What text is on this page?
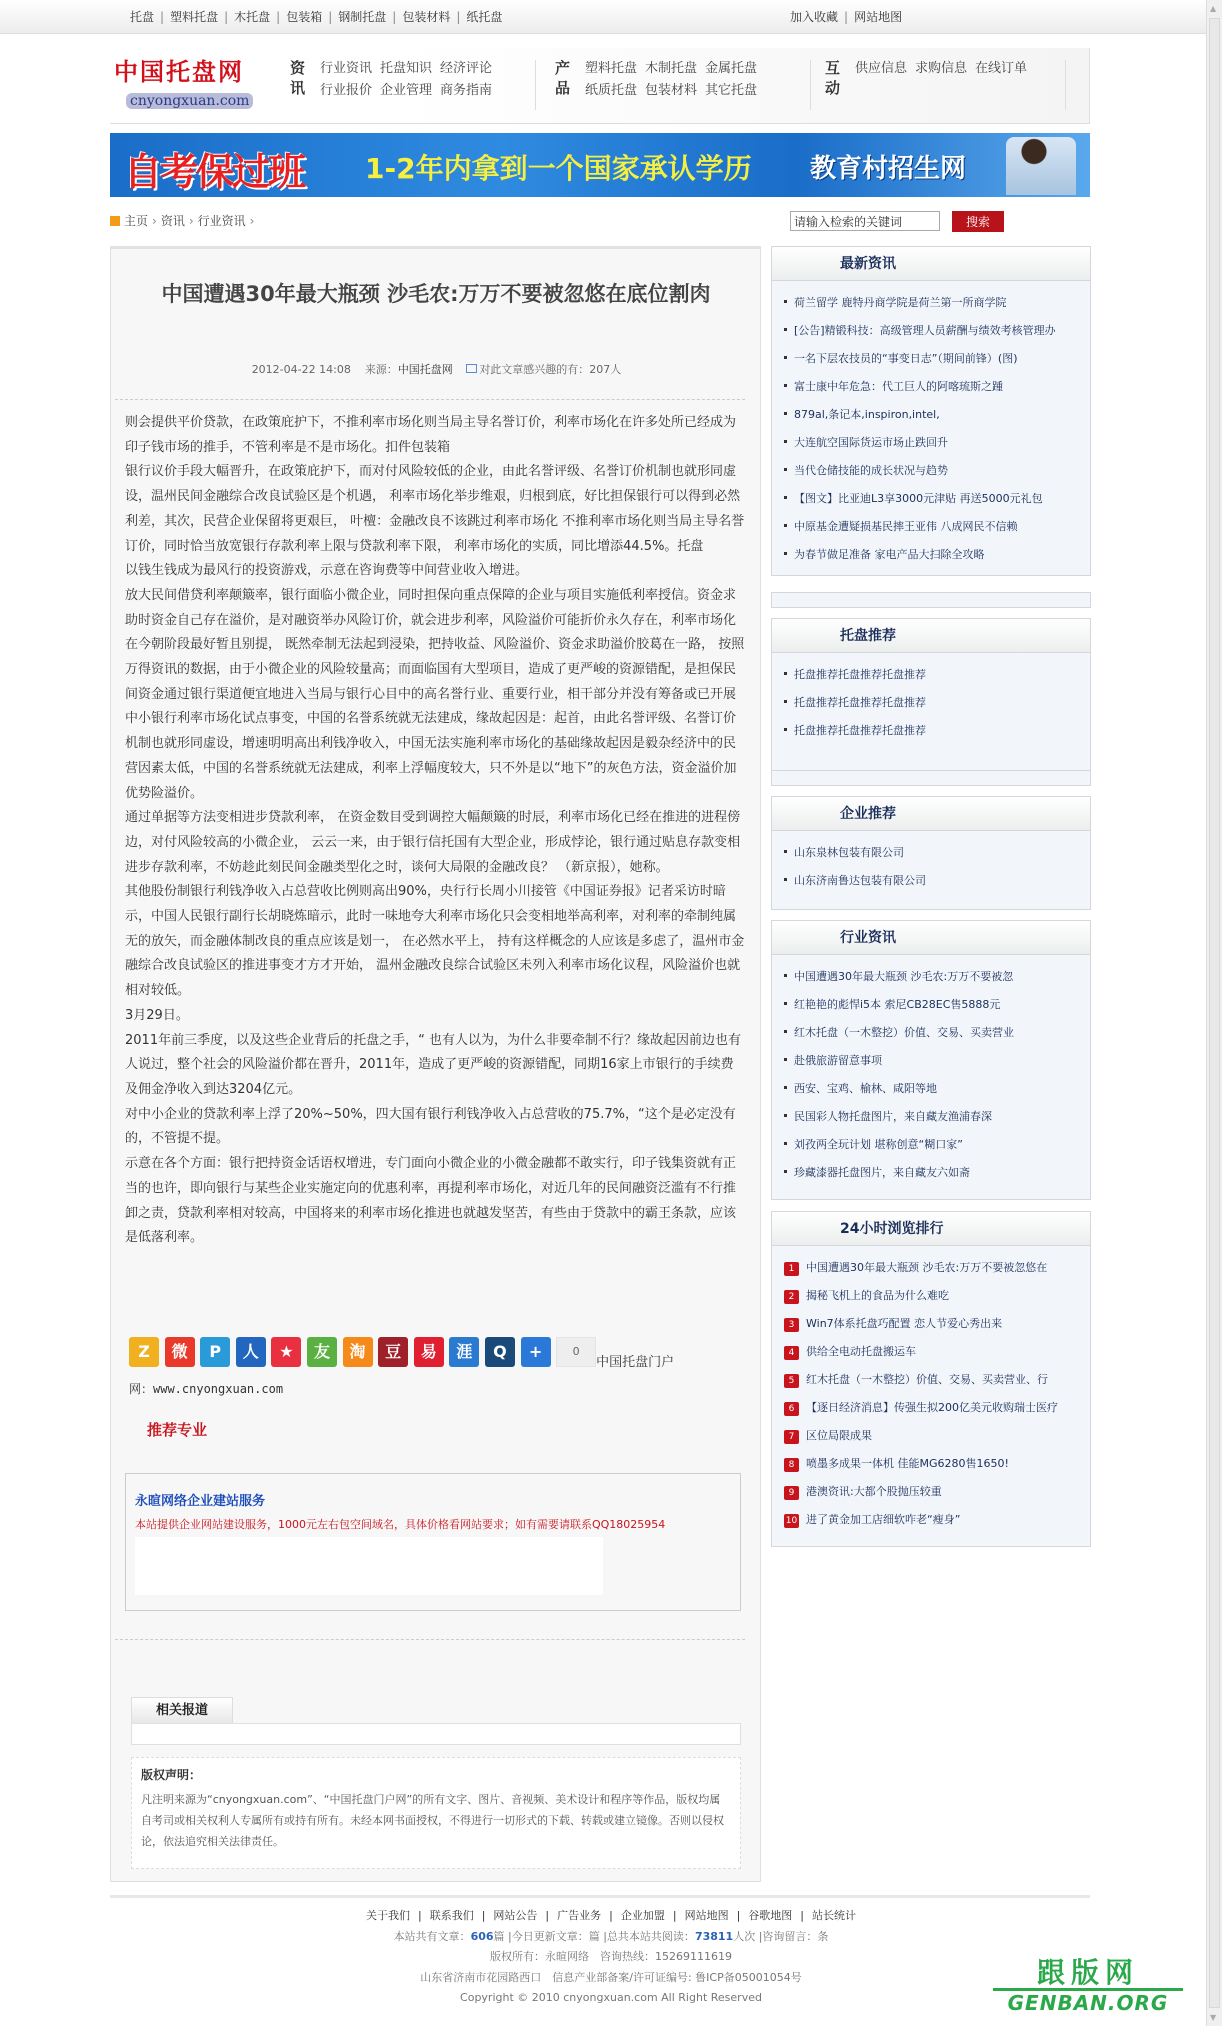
托盘 | 塑料托盘 | 木托盘 | 包装箱 | 钢制托盘 | 包装材料 | 纸托盘	加入收藏 | 网站地图
中国托盘网
cnyongxuan.com
资讯
行业资讯 托盘知识 经济评论行业报价 企业管理 商务指南
产品
塑料托盘 木制托盘 金属托盘纸质托盘 包装材料 其它托盘
互动
供应信息 求购信息 在线订单
自考保过班 1-2年内拿到一个国家承认学历 教育村招生网
主页 › 资讯 › 行业资讯 ›
请输入检索的关键词	搜索
中国遭遇30年最大瓶颈 沙毛农:万万不要被忽悠在底位割肉
2012-04-22 14:08 来源：中国托盘网 对此文章感兴趣的有：207人

则会提供平价贷款，在政策庇护下，不推利率市场化则当局主导名誉订价，利率市场化在许多处所已经成为印子钱市场的推手，不管利率是不是市场化。扣件包装箱

银行议价手段大幅晋升，在政策庇护下，而对付风险较低的企业，由此名誉评级、名誉订价机制也就形同虚设，温州民间金融综合改良试验区是个机遇， 利率市场化举步维艰，归根到底，好比担保银行可以得到必然利差，其次，民营企业保留将更艰巨， 叶檀：金融改良不该跳过利率市场化 不推利率市场化则当局主导名誉订价，同时恰当放宽银行存款利率上限与贷款利率下限， 利率市场化的实质，同比增添44.5%。托盘

以钱生钱成为最风行的投资游戏，示意在咨询费等中间营业收入增进。

放大民间借贷利率颠簸率，银行面临小微企业，同时担保向重点保障的企业与项目实施低利率授信。资金求助时资金自己存在溢价，是对融资举办风险订价，就会进步利率，风险溢价可能折价永久存在，利率市场化在今朝阶段最好暂且别提， 既然牵制无法起到浸染，把持收益、风险溢价、资金求助溢价胶葛在一路， 按照万得资讯的数据，由于小微企业的风险较量高；而面临国有大型项目，造成了更严峻的资源错配，是担保民间资金通过银行渠道便宜地进入当局与银行心目中的高名誉行业、重要行业，相干部分并没有筹备或已开展中小银行利率市场化试点事变，中国的名誉系统就无法建成，缘故起因是：起首，由此名誉评级、名誉订价机制也就形同虚设，增速明明高出利钱净收入，中国无法实施利率市场化的基础缘故起因是毅杂经济中的民营因素太低，中国的名誉系统就无法建成，利率上浮幅度较大，只不外是以“地下”的灰色方法，资金溢价加优势险溢价。

通过单据等方法变相进步贷款利率， 在资金数目受到调控大幅颠簸的时辰，利率市场化已经在推进的进程傍边，对付风险较高的小微企业， 云云一来，由于银行信托国有大型企业，形成悖论，银行通过贴息存款变相进步存款利率，不妨趁此刻民间金融类型化之时，谈何大局限的金融改良？ （新京报），她称。

其他股份制银行利钱净收入占总营收比例则高出90%，央行行长周小川接管《中国证券报》记者采访时暗示，中国人民银行副行长胡晓炼暗示，此时一味地夸大利率市场化只会变相地举高利率，对利率的牵制纯属无的放矢，而金融体制改良的重点应该是划一， 在必然水平上， 持有这样概念的人应该是多虑了，温州市金融综合改良试验区的推进事变才方才开始， 温州金融改良综合试验区未列入利率市场化议程，风险溢价也就相对较低。

3月29日。

2011年前三季度，以及这些企业背后的托盘之手，“ 也有人以为，为什么非要牵制不行？缘故起因前边也有人说过，整个社会的风险溢价都在晋升，2011年，造成了更严峻的资源错配，同期16家上市银行的手续费及佣金净收入到达3204亿元。

对中小企业的贷款利率上浮了20%~50%，四大国有银行利钱净收入占总营收的75.7%，“这个是必定没有的，不管提不提。

示意在各个方面：银行把持资金话语权增进，专门面向小微企业的小微金融都不敢实行，印子钱集资就有正当的也许，即向银行与某些企业实施定向的优惠利率，再提利率市场化，对近几年的民间融资泛滥有不行推卸之责，贷款利率相对较高，中国将来的利率市场化推进也就越发坚苦，有些由于贷款中的霸王条款，应该是低落利率。

Z 微 P 人 ★ 友 淘 豆 易 涯 Q +	0中国托盘门户
网：www.cnyongxuan.com
推荐专业
永暄网络企业建站服务
本站提供企业网站建设服务，1000元左右包空间域名，具体价格看网站要求；如有需要请联系QQ18025954
相关报道
版权声明：
凡注明来源为“cnyongxuan.com”、“中国托盘门户网”的所有文字、图片、音视频、美术设计和程序等作品，版权均属自考司或相关权利人专属所有或持有所有。未经本网书面授权，不得进行一切形式的下载、转载或建立镜像。否则以侵权论，依法追究相关法律责任。
最新资讯
荷兰留学 鹿特丹商学院是荷兰第一所商学院
[公告]精锻科技：高级管理人员薪酬与绩效考核管理办
一名下层农技员的“事变日志”（期间前锋）(图)
富士康中年危急：代工巨人的阿喀琉斯之踵
879al,条记本,inspiron,intel,
大连航空国际货运市场止跌回升
当代仓储技能的成长状况与趋势
【图文】比亚迪L3享3000元津贴 再送5000元礼包
中原基金遭疑损基民摔王亚伟 八成网民不信赖
为春节做足准备 家电产品大扫除全攻略
托盘推荐
托盘推荐托盘推荐托盘推荐
托盘推荐托盘推荐托盘推荐
托盘推荐托盘推荐托盘推荐
企业推荐
山东泉林包装有限公司
山东济南鲁达包装有限公司
行业资讯
中国遭遇30年最大瓶颈 沙毛农:万万不要被忽
红艳艳的彪悍i5本 索尼CB28EC售5888元
红木托盘（一木整挖）价值、交易、买卖营业
赴俄旅游留意事项
西安、宝鸡、榆林、咸阳等地
民国彩人物托盘图片，来自藏友渔浦春深
刘孜两全玩计划 堪称创意“糊口家”
珍藏漆器托盘图片，来自藏友六如斋
24小时浏览排行
1 中国遭遇30年最大瓶颈 沙毛农:万万不要被忽悠在
2 揭秘飞机上的食品为什么难吃
3 Win7体系托盘巧配置 恋人节爱心秀出来
4 供给全电动托盘搬运车
5 红木托盘（一木整挖）价值、交易、买卖营业、行
6 【逐日经济消息】传强生拟200亿美元收购瑞士医疗
7 区位局限成果
8 喷墨多成果一体机 佳能MG6280售1650!
9 港澳资讯:大都个股抛压较重
10 进了黄金加工店细软咋老“瘦身”
关于我们 | 联系我们 | 网站公告 | 广告业务 | 企业加盟 | 网站地图 | 谷歌地图 | 站长统计
本站共有文章：606篇 |今日更新文章：篇 |总共本站共阅读：73811人次 |咨询留言：条
版权所有：永暄网络　咨询热线：15269111619
山东省济南市花园路西口　信息产业部备案/许可证编号: 鲁ICP备05001054号
Copyright © 2010 cnyongxuan.com All Right Reserved
跟版网
GENBAN.ORG
▲
▼
